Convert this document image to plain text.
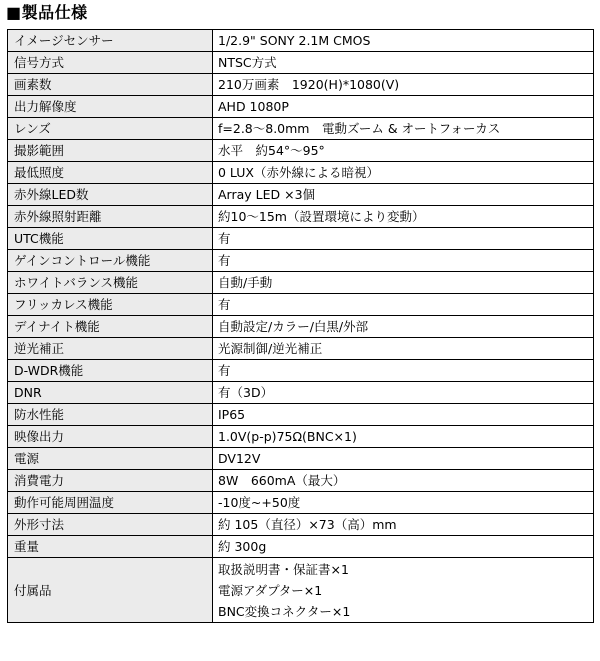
■製品仕様
イメージセンサー	1/2.9" SONY 2.1M CMOS
信号方式	NTSC方式
画素数	210万画素　1920(H)*1080(V)
出力解像度	AHD 1080P
レンズ	f=2.8～8.0mm　電動ズーム & オートフォーカス
撮影範囲	水平　約54°～95°
最低照度	0 LUX（赤外線による暗視）
赤外線LED数	Array LED ×3個
赤外線照射距離	約10～15m（設置環境により変動）
UTC機能	有
ゲインコントロール機能	有
ホワイトバランス機能	自動/手動
フリッカレス機能	有
デイナイト機能	自動設定/カラー/白黒/外部
逆光補正	光源制御/逆光補正
D-WDR機能	有
DNR	有（3D）
防水性能	IP65
映像出力	1.0V(p-p)75Ω(BNC×1)
電源	DV12V
消費電力	8W　660mA（最大）
動作可能周囲温度	-10度~+50度
外形寸法	約 105（直径）×73（高）mm
重量	約 300g
付属品	取扱説明書・保証書×1
電源アダプター×1
BNC変換コネクター×1
